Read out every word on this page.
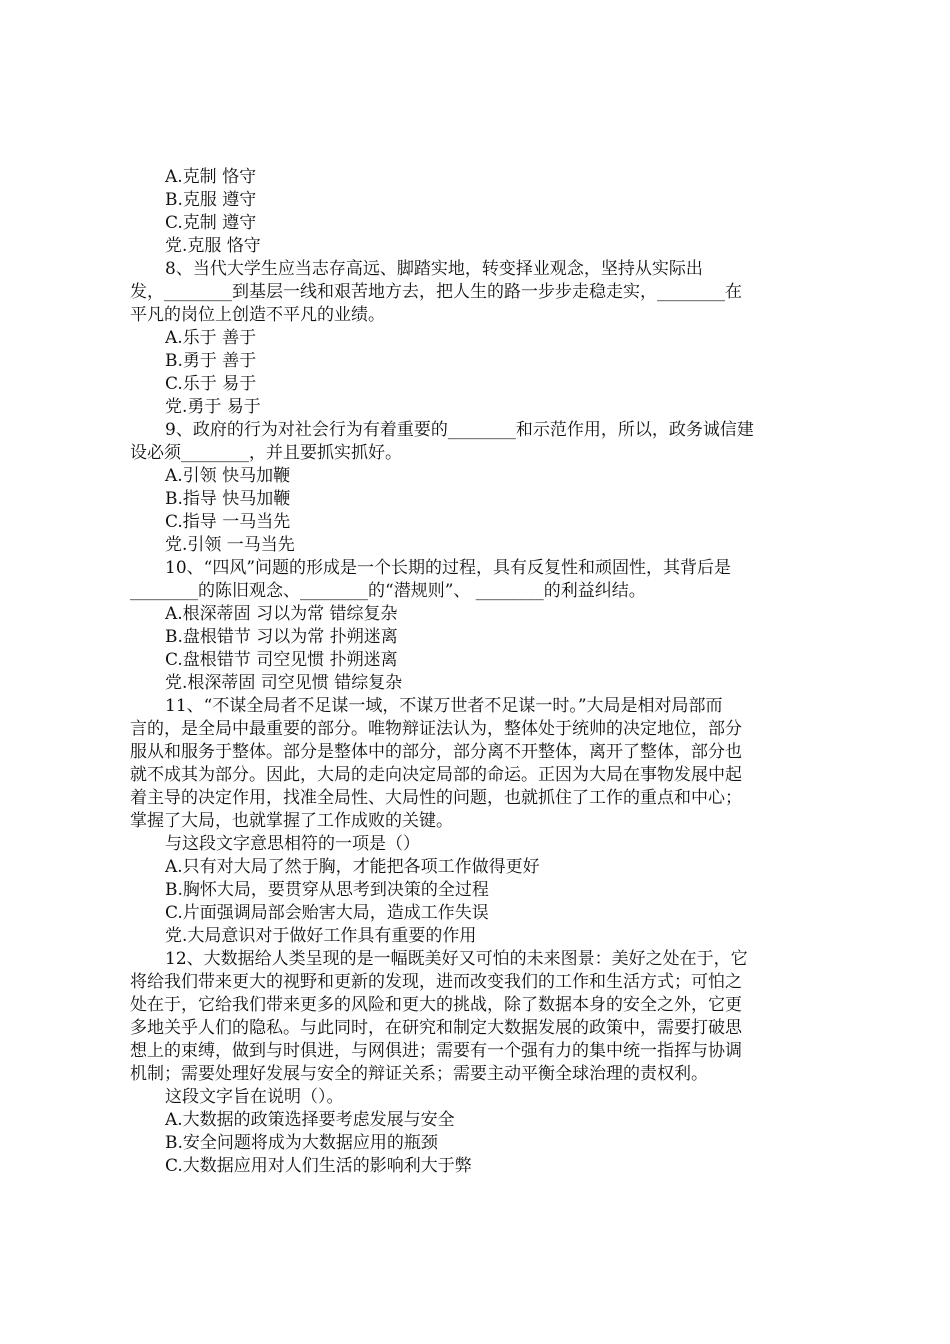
A.克制 恪守
B.克服 遵守
C.克制 遵守
党.克服 恪守
8、当代大学生应当志存高远、脚踏实地，转变择业观念，坚持从实际出
发，________到基层一线和艰苦地方去，把人生的路一步步走稳走实，________在
平凡的岗位上创造不平凡的业绩。
A.乐于 善于
B.勇于 善于
C.乐于 易于
党.勇于 易于
9、政府的行为对社会行为有着重要的________和示范作用，所以，政务诚信建
设必须________，并且要抓实抓好。
A.引领 快马加鞭
B.指导 快马加鞭
C.指导 一马当先
党.引领 一马当先
10、“四风”问题的形成是一个长期的过程，具有反复性和顽固性，其背后是
________的陈旧观念、________的“潜规则”、 ________的利益纠结。
A.根深蒂固 习以为常 错综复杂
B.盘根错节 习以为常 扑朔迷离
C.盘根错节 司空见惯 扑朔迷离
党.根深蒂固 司空见惯 错综复杂
11、“不谋全局者不足谋一域，不谋万世者不足谋一时。”大局是相对局部而
言的，是全局中最重要的部分。唯物辩证法认为，整体处于统帅的决定地位，部分
服从和服务于整体。部分是整体中的部分，部分离不开整体，离开了整体，部分也
就不成其为部分。因此，大局的走向决定局部的命运。正因为大局在事物发展中起
着主导的决定作用，找准全局性、大局性的问题，也就抓住了工作的重点和中心；
掌握了大局，也就掌握了工作成败的关键。
与这段文字意思相符的一项是（）
A.只有对大局了然于胸，才能把各项工作做得更好
B.胸怀大局，要贯穿从思考到决策的全过程
C.片面强调局部会贻害大局，造成工作失误
党.大局意识对于做好工作具有重要的作用
12、大数据给人类呈现的是一幅既美好又可怕的未来图景：美好之处在于，它
将给我们带来更大的视野和更新的发现，进而改变我们的工作和生活方式；可怕之
处在于，它给我们带来更多的风险和更大的挑战，除了数据本身的安全之外，它更
多地关乎人们的隐私。与此同时，在研究和制定大数据发展的政策中，需要打破思
想上的束缚，做到与时俱进，与网俱进；需要有一个强有力的集中统一指挥与协调
机制；需要处理好发展与安全的辩证关系；需要主动平衡全球治理的责权利。
这段文字旨在说明（）。
A.大数据的政策选择要考虑发展与安全
B.安全问题将成为大数据应用的瓶颈
C.大数据应用对人们生活的影响利大于弊
